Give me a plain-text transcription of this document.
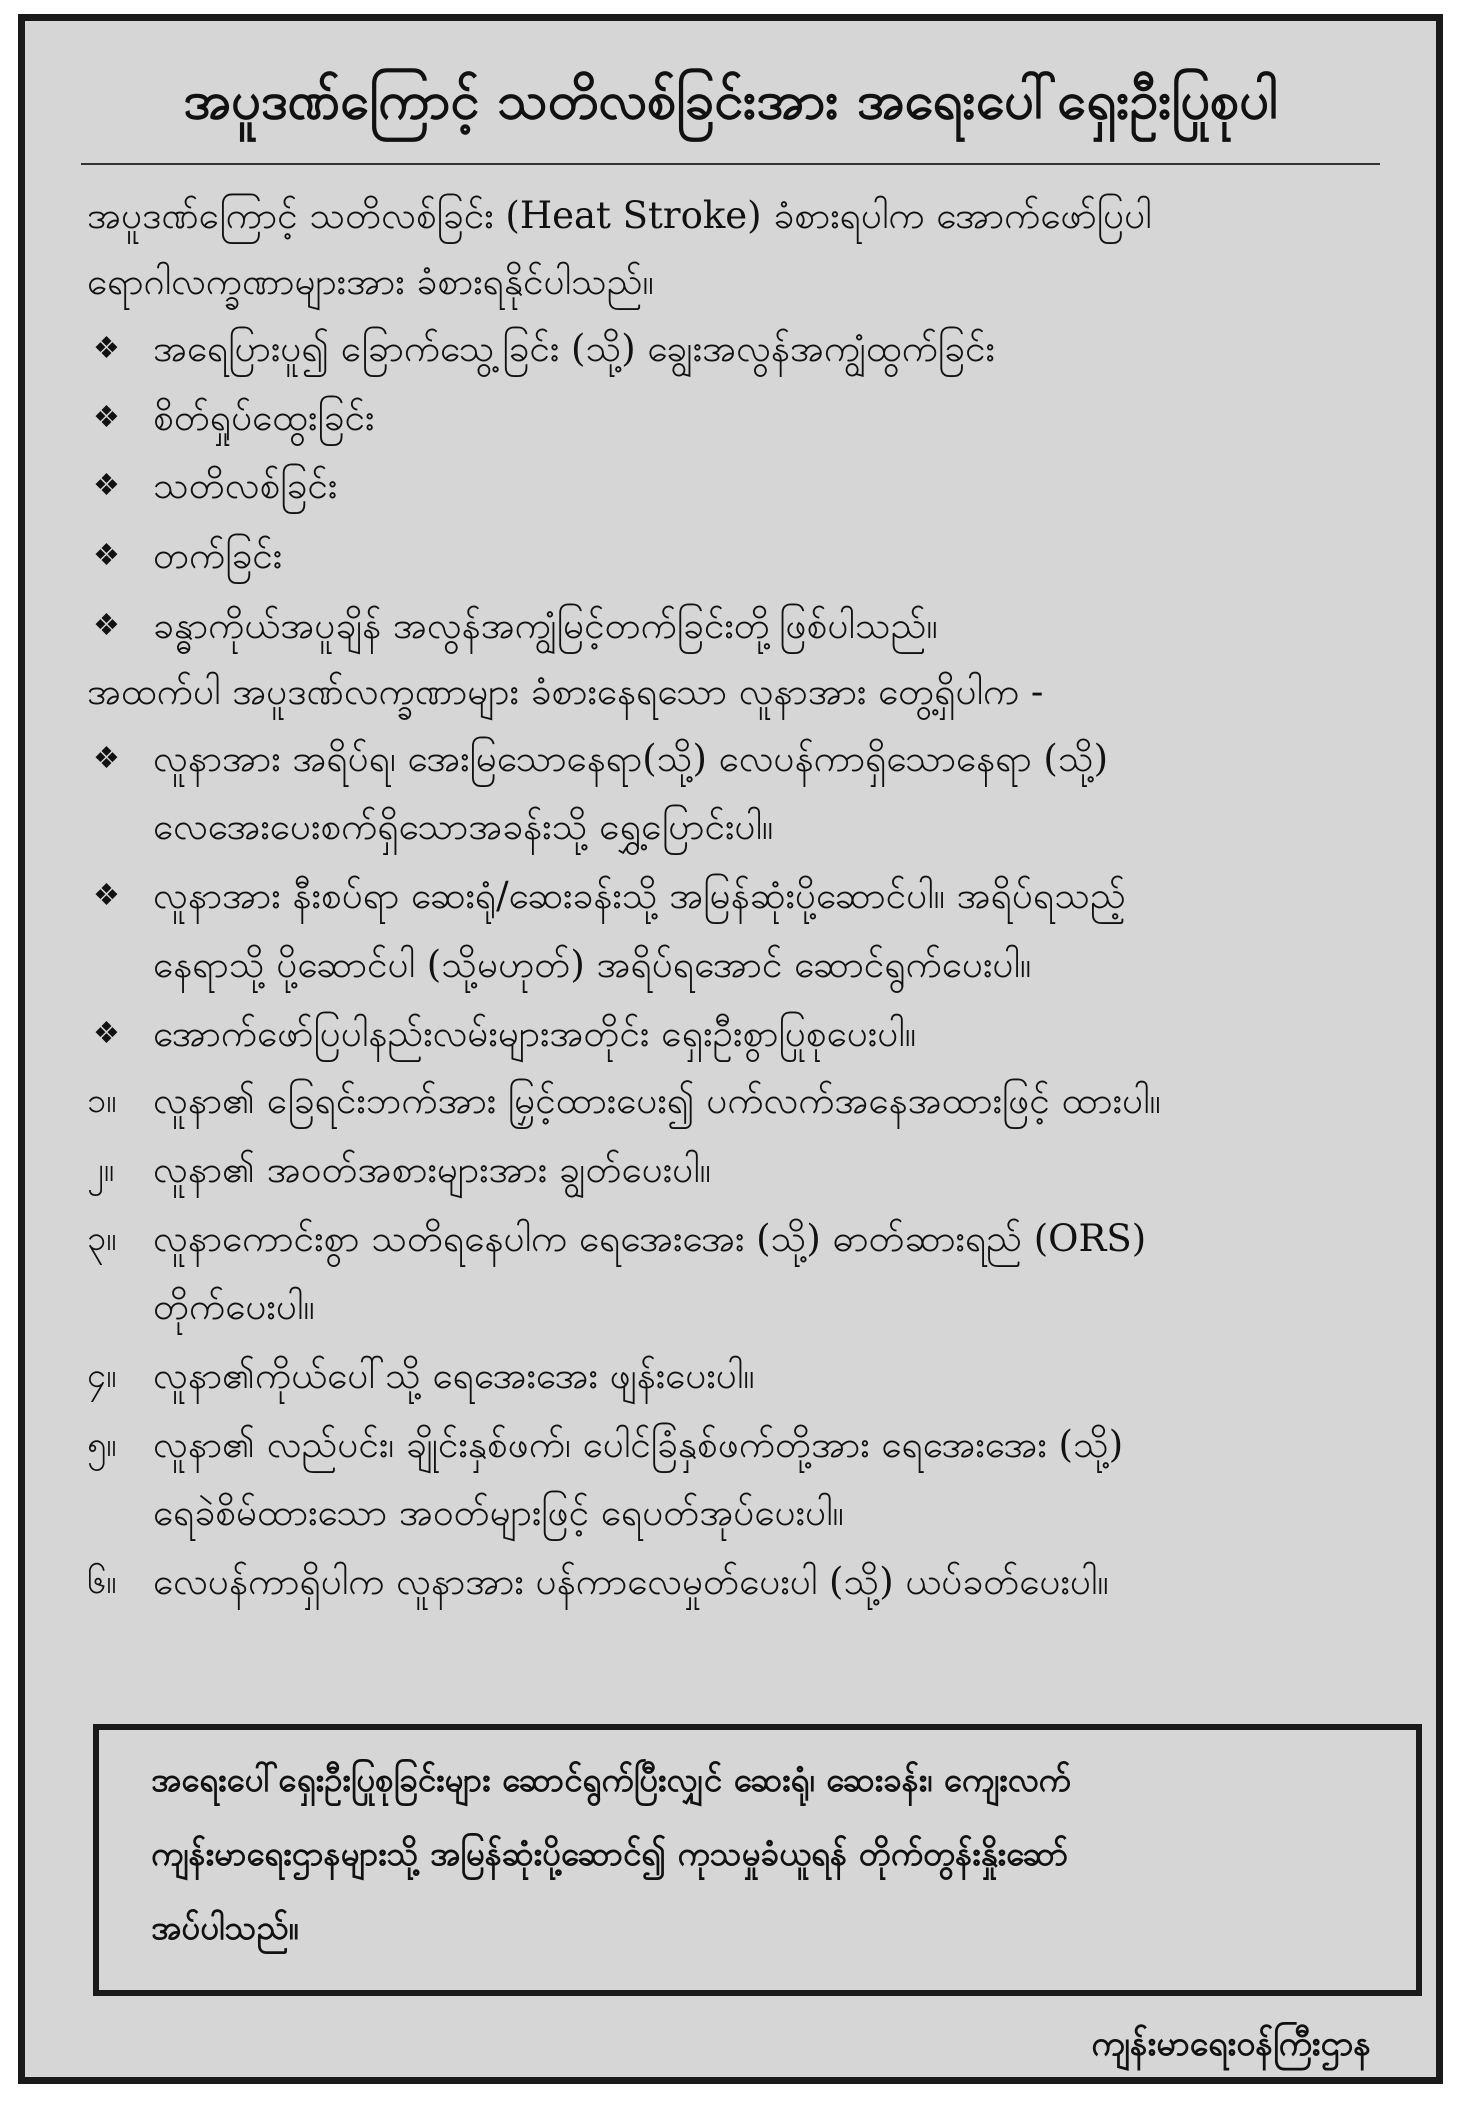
အပူဒဏ်ကြောင့် သတိလစ်ခြင်းအား အရေးပေါ်ရှေးဦးပြုစုပါ
အပူဒဏ်ကြောင့် သတိလစ်ခြင်း (Heat Stroke) ခံစားရပါက အောက်ဖော်ပြပါ
ရောဂါလက္ခဏာများအား ခံစားရနိုင်ပါသည်။
❖ အရေပြားပူ၍ ခြောက်သွေ့ခြင်း (သို့) ချွေးအလွန်အကျွံထွက်ခြင်း
❖ စိတ်ရှုပ်ထွေးခြင်း
❖ သတိလစ်ခြင်း
❖ တက်ခြင်း
❖ ခန္ဓာကိုယ်အပူချိန် အလွန်အကျွံမြင့်တက်ခြင်းတို့ဖြစ်ပါသည်။
အထက်ပါ အပူဒဏ်လက္ခဏာများ ခံစားနေရသော လူနာအား တွေ့ရှိပါက -
❖ လူနာအား အရိပ်ရ၊ အေးမြသောနေရာ(သို့) လေပန်ကာရှိသောနေရာ (သို့)
လေအေးပေးစက်ရှိသောအခန်းသို့ ရွှေ့ပြောင်းပါ။
❖ လူနာအား နီးစပ်ရာ ဆေးရုံ/ဆေးခန်းသို့ အမြန်ဆုံးပို့ဆောင်ပါ။ အရိပ်ရသည့်
နေရာသို့ ပို့ဆောင်ပါ (သို့မဟုတ်) အရိပ်ရအောင် ဆောင်ရွက်ပေးပါ။
❖ အောက်ဖော်ပြပါနည်းလမ်းများအတိုင်း ရှေးဦးစွာပြုစုပေးပါ။
၁။ လူနာ၏ ခြေရင်းဘက်အား မြှင့်ထားပေး၍ ပက်လက်အနေအထားဖြင့် ထားပါ။
၂။ လူနာ၏ အဝတ်အစားများအား ချွတ်ပေးပါ။
၃။ လူနာကောင်းစွာ သတိရနေပါက ရေအေးအေး (သို့) ဓာတ်ဆားရည် (ORS)
တိုက်ပေးပါ။
၄။ လူနာ၏ကိုယ်ပေါ်သို့ ရေအေးအေး ဖျန်းပေးပါ။
၅။ လူနာ၏ လည်ပင်း၊ ချိုင်းနှစ်ဖက်၊ ပေါင်ခြံနှစ်ဖက်တို့အား ရေအေးအေး (သို့)
ရေခဲစိမ်ထားသော အဝတ်များဖြင့် ရေပတ်အုပ်ပေးပါ။
၆။ လေပန်ကာရှိပါက လူနာအား ပန်ကာလေမှုတ်ပေးပါ (သို့) ယပ်ခတ်ပေးပါ။
အရေးပေါ်ရှေးဦးပြုစုခြင်းများ ဆောင်ရွက်ပြီးလျှင် ဆေးရုံ၊ ဆေးခန်း၊ ကျေးလက်
ကျန်းမာရေးဌာနများသို့ အမြန်ဆုံးပို့ဆောင်၍ ကုသမှုခံယူရန် တိုက်တွန်းနှိုးဆော်
အပ်ပါသည်။
ကျန်းမာရေးဝန်ကြီးဌာန
